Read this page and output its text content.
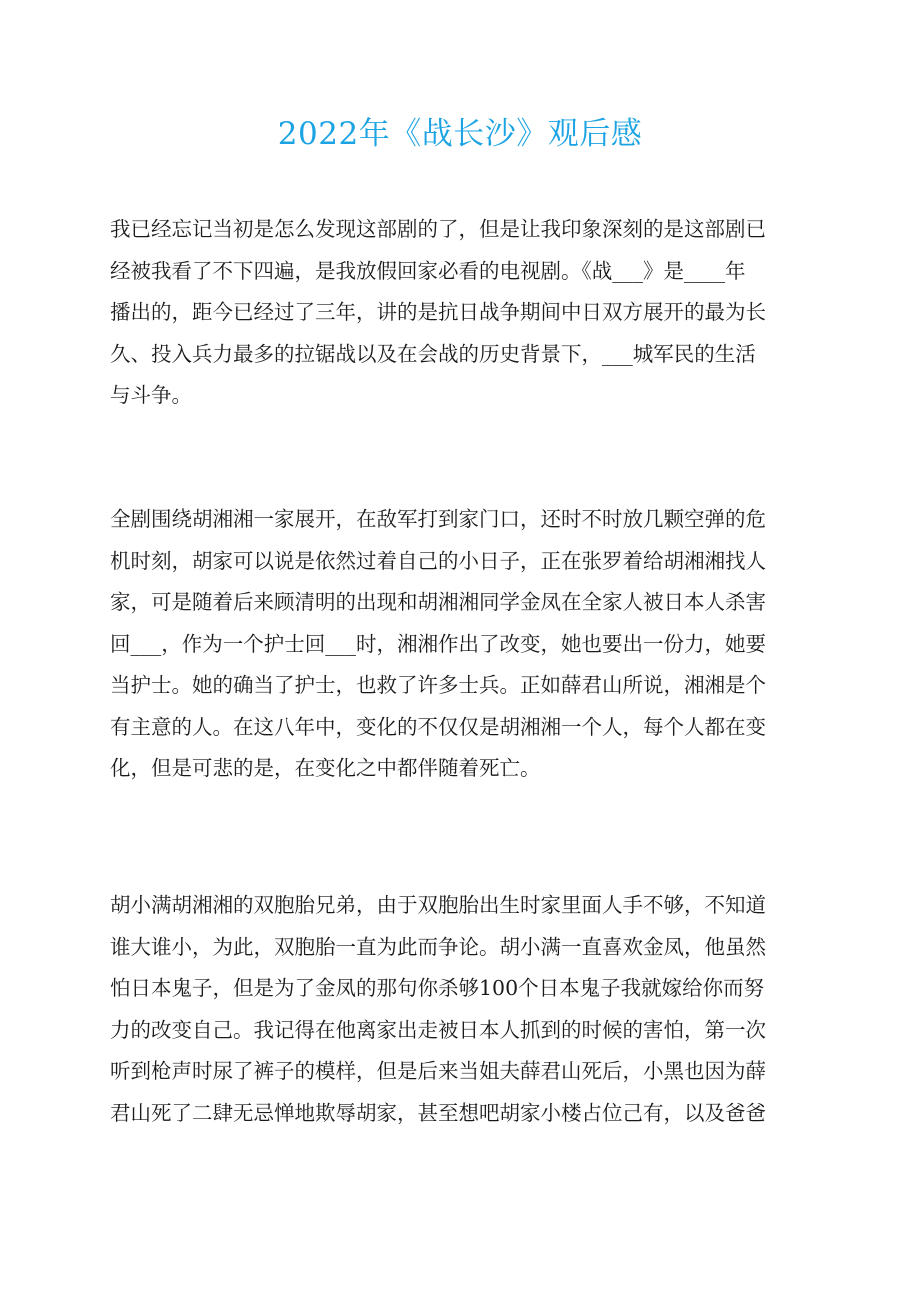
2022年《战长沙》观后感
我已经忘记当初是怎么发现这部剧的了，但是让我印象深刻的是这部剧已
经被我看了不下四遍，是我放假回家必看的电视剧。《战___》是____年
播出的，距今已经过了三年，讲的是抗日战争期间中日双方展开的最为长
久、投入兵力最多的拉锯战以及在会战的历史背景下，___城军民的生活
与斗争。
全剧围绕胡湘湘一家展开，在敌军打到家门口，还时不时放几颗空弹的危
机时刻，胡家可以说是依然过着自己的小日子，正在张罗着给胡湘湘找人
家，可是随着后来顾清明的出现和胡湘湘同学金凤在全家人被日本人杀害
回___，作为一个护士回___时，湘湘作出了改变，她也要出一份力，她要
当护士。她的确当了护士，也救了许多士兵。正如薛君山所说，湘湘是个
有主意的人。在这八年中，变化的不仅仅是胡湘湘一个人，每个人都在变
化，但是可悲的是，在变化之中都伴随着死亡。
胡小满胡湘湘的双胞胎兄弟，由于双胞胎出生时家里面人手不够，不知道
谁大谁小，为此，双胞胎一直为此而争论。胡小满一直喜欢金凤，他虽然
怕日本鬼子，但是为了金凤的那句你杀够100个日本鬼子我就嫁给你而努
力的改变自己。我记得在他离家出走被日本人抓到的时候的害怕，第一次
听到枪声时尿了裤子的模样，但是后来当姐夫薛君山死后，小黑也因为薛
君山死了二肆无忌惮地欺辱胡家，甚至想吧胡家小楼占位己有，以及爸爸
